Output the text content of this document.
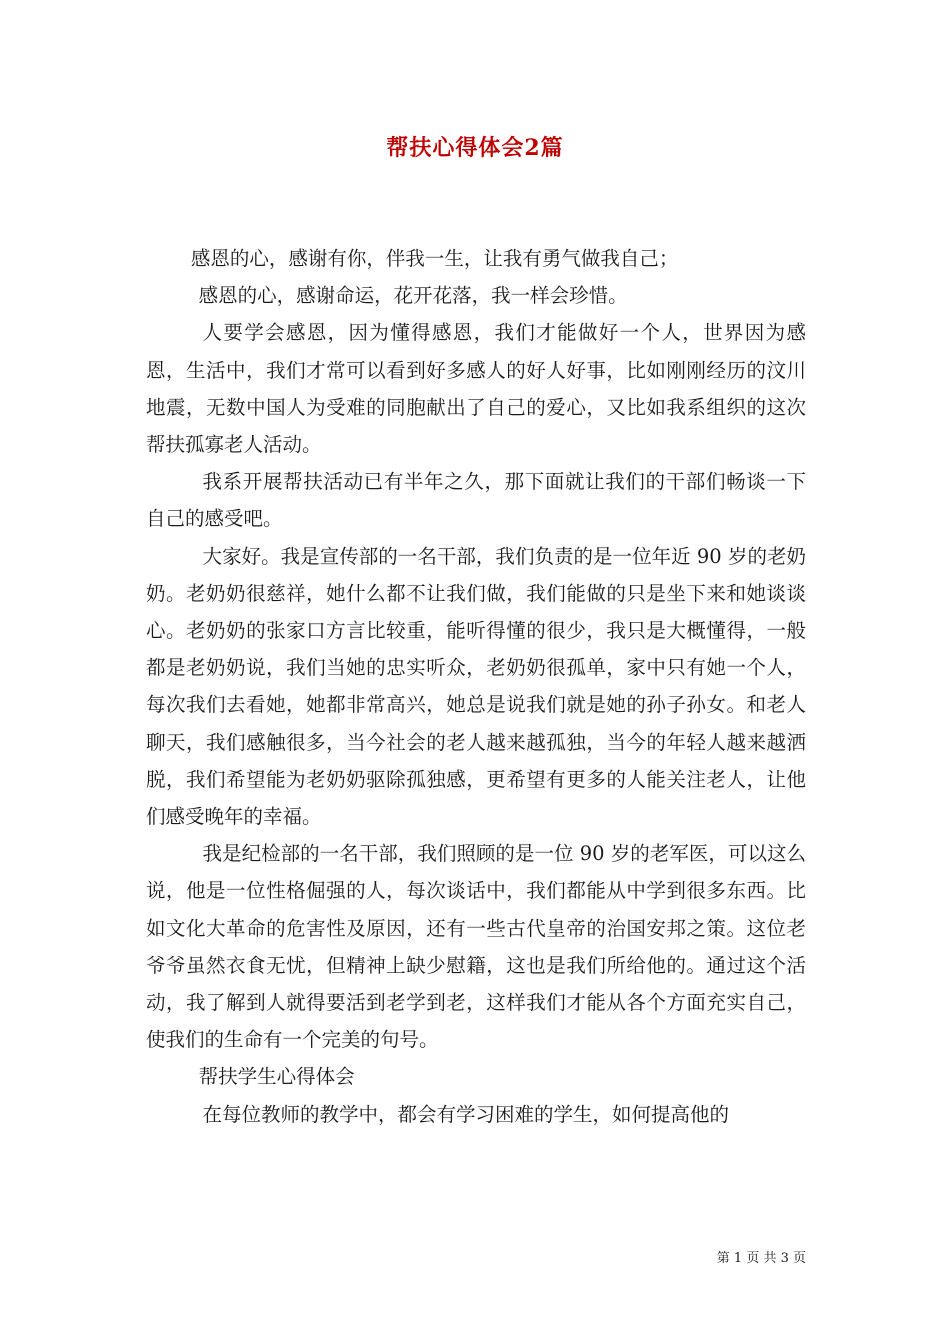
帮扶心得体会2篇

感恩的心，感谢有你，伴我一生，让我有勇气做我自己；

感恩的心，感谢命运，花开花落，我一样会珍惜。

人要学会感恩，因为懂得感恩，我们才能做好一个人，世界因为感恩，生活中，我们才常可以看到好多感人的好人好事，比如刚刚经历的汶川地震，无数中国人为受难的同胞献出了自己的爱心，又比如我系组织的这次帮扶孤寡老人活动。

我系开展帮扶活动已有半年之久，那下面就让我们的干部们畅谈一下自己的感受吧。

大家好。我是宣传部的一名干部，我们负责的是一位年近 90 岁的老奶奶。老奶奶很慈祥，她什么都不让我们做，我们能做的只是坐下来和她谈谈心。老奶奶的张家口方言比较重，能听得懂的很少，我只是大概懂得，一般都是老奶奶说，我们当她的忠实听众，老奶奶很孤单，家中只有她一个人，每次我们去看她，她都非常高兴，她总是说我们就是她的孙子孙女。和老人聊天，我们感触很多，当今社会的老人越来越孤独，当今的年轻人越来越洒脱，我们希望能为老奶奶驱除孤独感，更希望有更多的人能关注老人，让他们感受晚年的幸福。

我是纪检部的一名干部，我们照顾的是一位 90 岁的老军医，可以这么说，他是一位性格倔强的人，每次谈话中，我们都能从中学到很多东西。比如文化大革命的危害性及原因，还有一些古代皇帝的治国安邦之策。这位老爷爷虽然衣食无忧，但精神上缺少慰籍，这也是我们所给他的。通过这个活动，我了解到人就得要活到老学到老，这样我们才能从各个方面充实自己，使我们的生命有一个完美的句号。

帮扶学生心得体会

在每位教师的教学中，都会有学习困难的学生，如何提高他的

第 1 页 共 3 页
